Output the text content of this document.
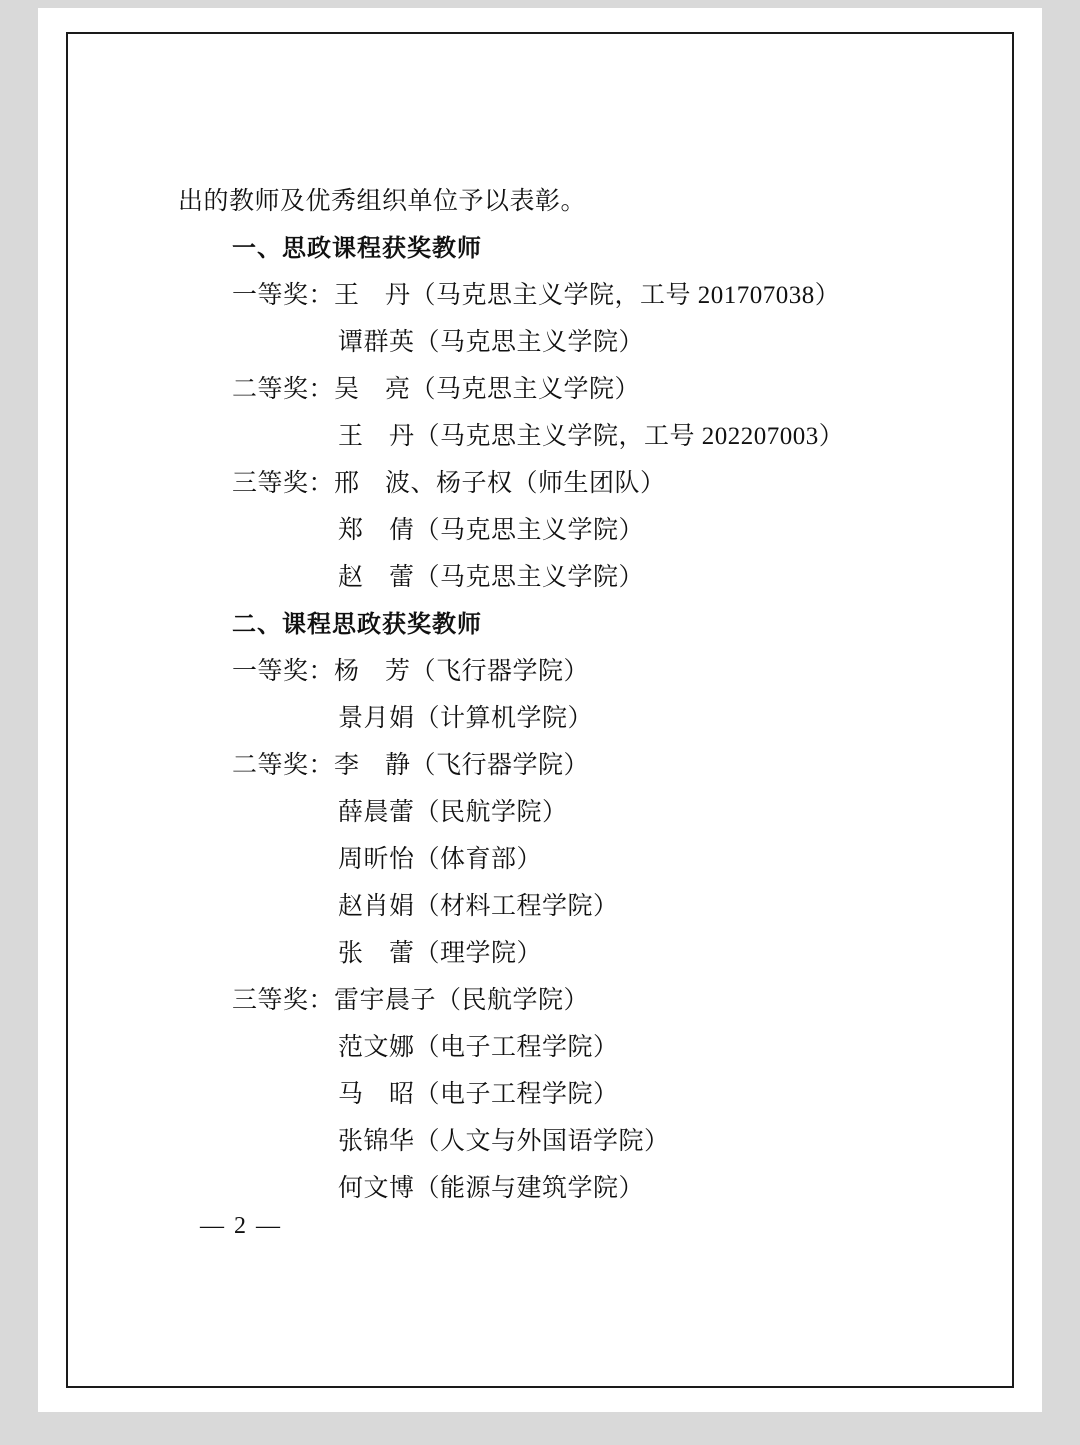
出的教师及优秀组织单位予以表彰。
一、思政课程获奖教师
一等奖：王　丹（马克思主义学院，工号 201707038）
谭群英（马克思主义学院）
二等奖：吴　亮（马克思主义学院）
王　丹（马克思主义学院，工号 202207003）
三等奖：邢　波、杨子权（师生团队）
郑　倩（马克思主义学院）
赵　蕾（马克思主义学院）
二、课程思政获奖教师
一等奖：杨　芳（飞行器学院）
景月娟（计算机学院）
二等奖：李　静（飞行器学院）
薛晨蕾（民航学院）
周昕怡（体育部）
赵肖娟（材料工程学院）
张　蕾（理学院）
三等奖：雷宇晨子（民航学院）
范文娜（电子工程学院）
马　昭（电子工程学院）
张锦华（人文与外国语学院）
何文博（能源与建筑学院）
— 2 —
